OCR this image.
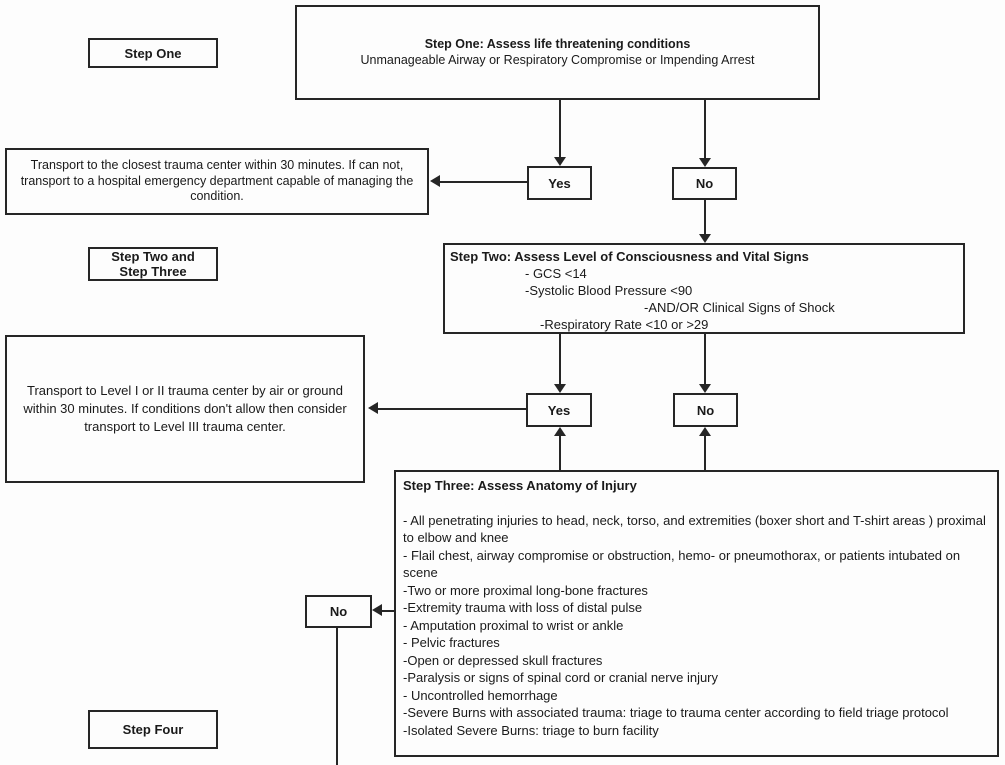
Step One
Step Two and
Step Three
Step Four
Step One: Assess life threatening conditions
Unmanageable Airway or Respiratory Compromise or Impending Arrest
Transport to the closest trauma center within 30 minutes. If can not, transport to a hospital emergency department capable of managing the condition.
Yes	No
Step Two: Assess Level of Consciousness and Vital Signs
- GCS <14
-Systolic Blood Pressure <90
-AND/OR Clinical Signs of Shock
-Respiratory Rate <10 or >29
Transport to Level I or II trauma center by air or ground within 30 minutes. If conditions don't allow then consider transport to Level III trauma center.
Yes	No
Step Three: Assess Anatomy of Injury
- All penetrating injuries to head, neck, torso, and extremities (boxer short and T-shirt areas ) proximal to elbow and knee
- Flail chest, airway compromise or obstruction, hemo- or pneumothorax, or patients intubated on scene
-Two or more proximal long-bone fractures
-Extremity trauma with loss of distal pulse
- Amputation proximal to wrist or ankle
- Pelvic fractures
-Open or depressed skull fractures
-Paralysis or signs of spinal cord or cranial nerve injury
- Uncontrolled hemorrhage
-Severe Burns with associated trauma: triage to trauma center according to field triage protocol
-Isolated Severe Burns: triage to burn facility
No
